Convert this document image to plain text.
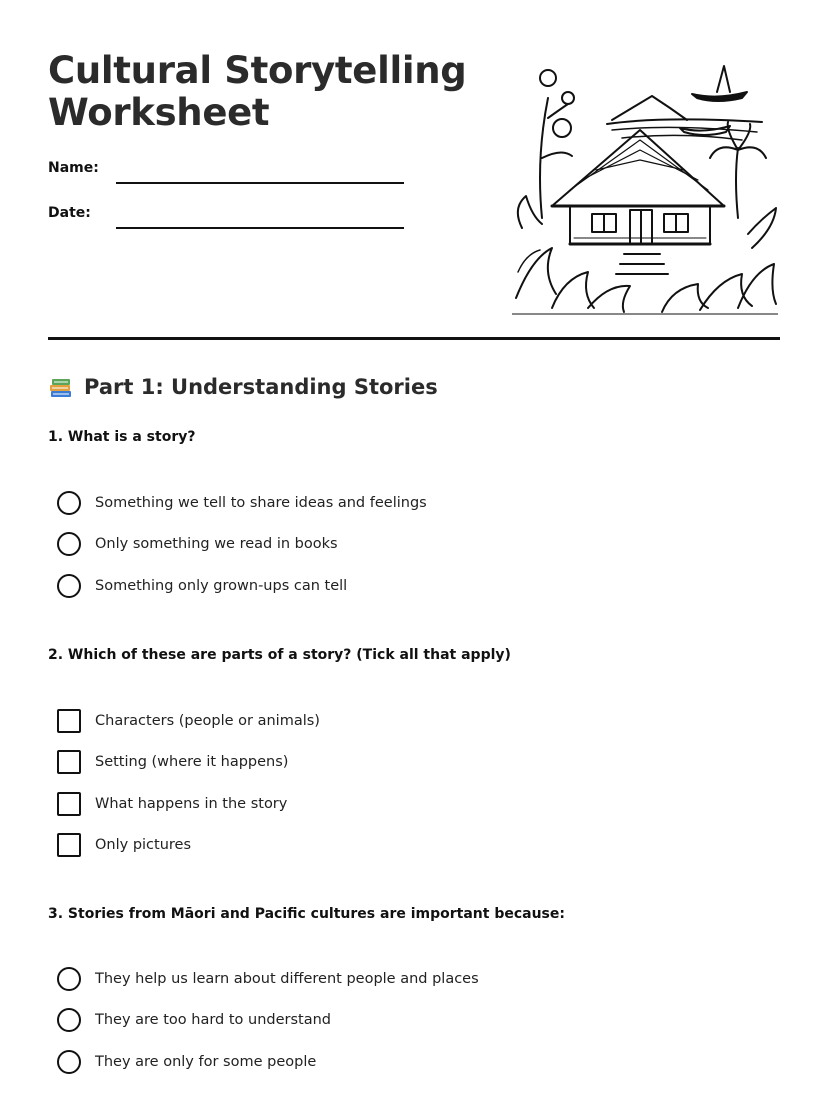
Cultural Storytelling
Worksheet
Name:
Date:
Part 1: Understanding Stories
1. What is a story?
Something we tell to share ideas and feelings
Only something we read in books
Something only grown-ups can tell
2. Which of these are parts of a story? (Tick all that apply)
Characters (people or animals)
Setting (where it happens)
What happens in the story
Only pictures
3. Stories from Māori and Pacific cultures are important because:
They help us learn about different people and places
They are too hard to understand
They are only for some people
